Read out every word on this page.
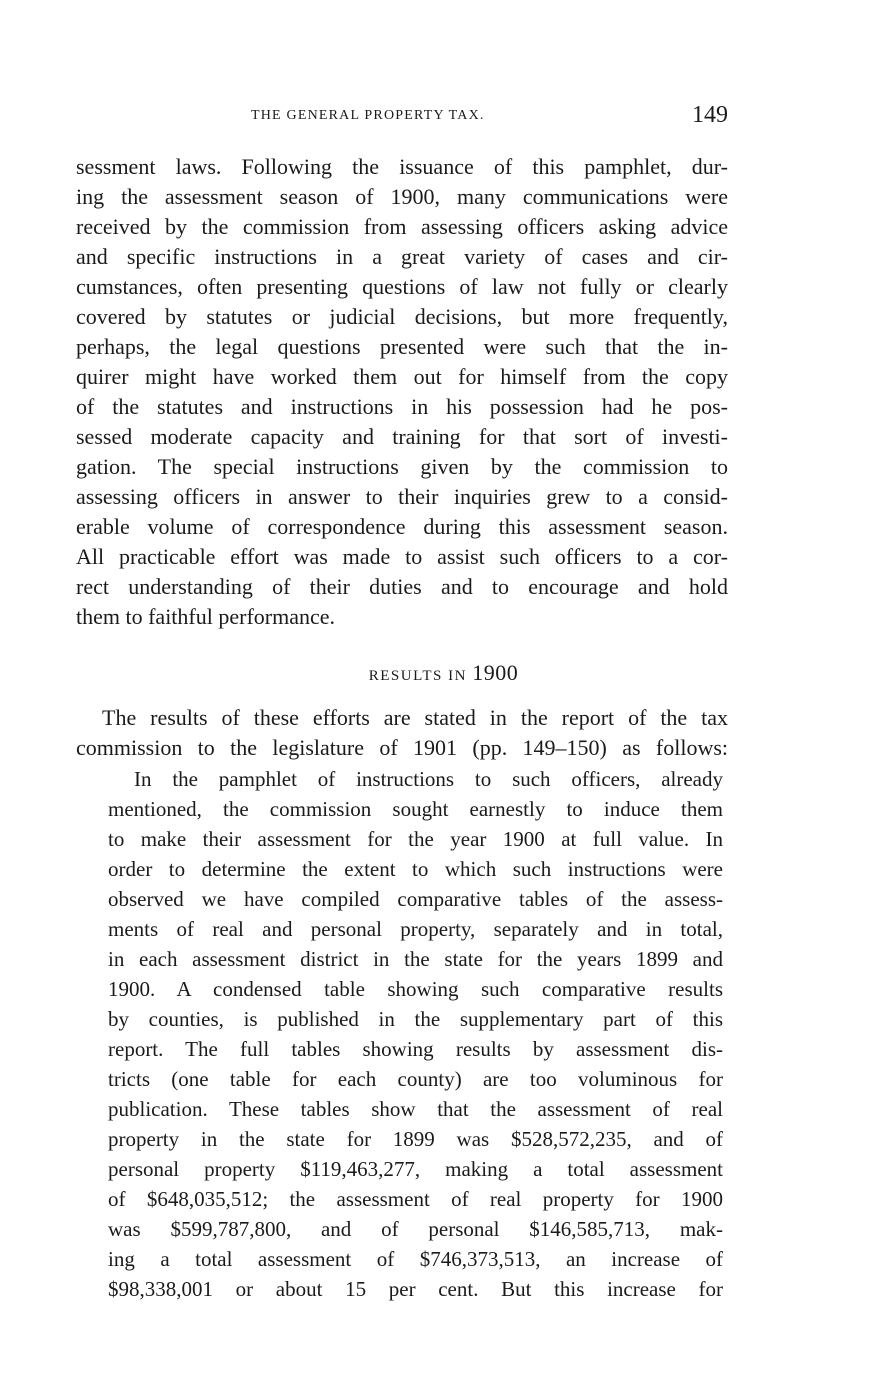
THE GENERAL PROPERTY TAX.	149
sessment laws. Following the issuance of this pamphlet, dur-
ing the assessment season of 1900, many communications were
received by the commission from assessing officers asking advice
and specific instructions in a great variety of cases and cir-
cumstances, often presenting questions of law not fully or clearly
covered by statutes or judicial decisions, but more frequently,
perhaps, the legal questions presented were such that the in-
quirer might have worked them out for himself from the copy
of the statutes and instructions in his possession had he pos-
sessed moderate capacity and training for that sort of investi-
gation. The special instructions given by the commission to
assessing officers in answer to their inquiries grew to a consid-
erable volume of correspondence during this assessment season.
All practicable effort was made to assist such officers to a cor-
rect understanding of their duties and to encourage and hold
them to faithful performance.
RESULTS IN 1900
The results of these efforts are stated in the report of the tax
commission to the legislature of 1901 (pp. 149–150) as follows:
In the pamphlet of instructions to such officers, already
mentioned, the commission sought earnestly to induce them
to make their assessment for the year 1900 at full value. In
order to determine the extent to which such instructions were
observed we have compiled comparative tables of the assess-
ments of real and personal property, separately and in total,
in each assessment district in the state for the years 1899 and
1900. A condensed table showing such comparative results
by counties, is published in the supplementary part of this
report. The full tables showing results by assessment dis-
tricts (one table for each county) are too voluminous for
publication. These tables show that the assessment of real
property in the state for 1899 was $528,572,235, and of
personal property $119,463,277, making a total assessment
of $648,035,512; the assessment of real property for 1900
was $599,787,800, and of personal $146,585,713, mak-
ing a total assessment of $746,373,513, an increase of
$98,338,001 or about 15 per cent. But this increase for
